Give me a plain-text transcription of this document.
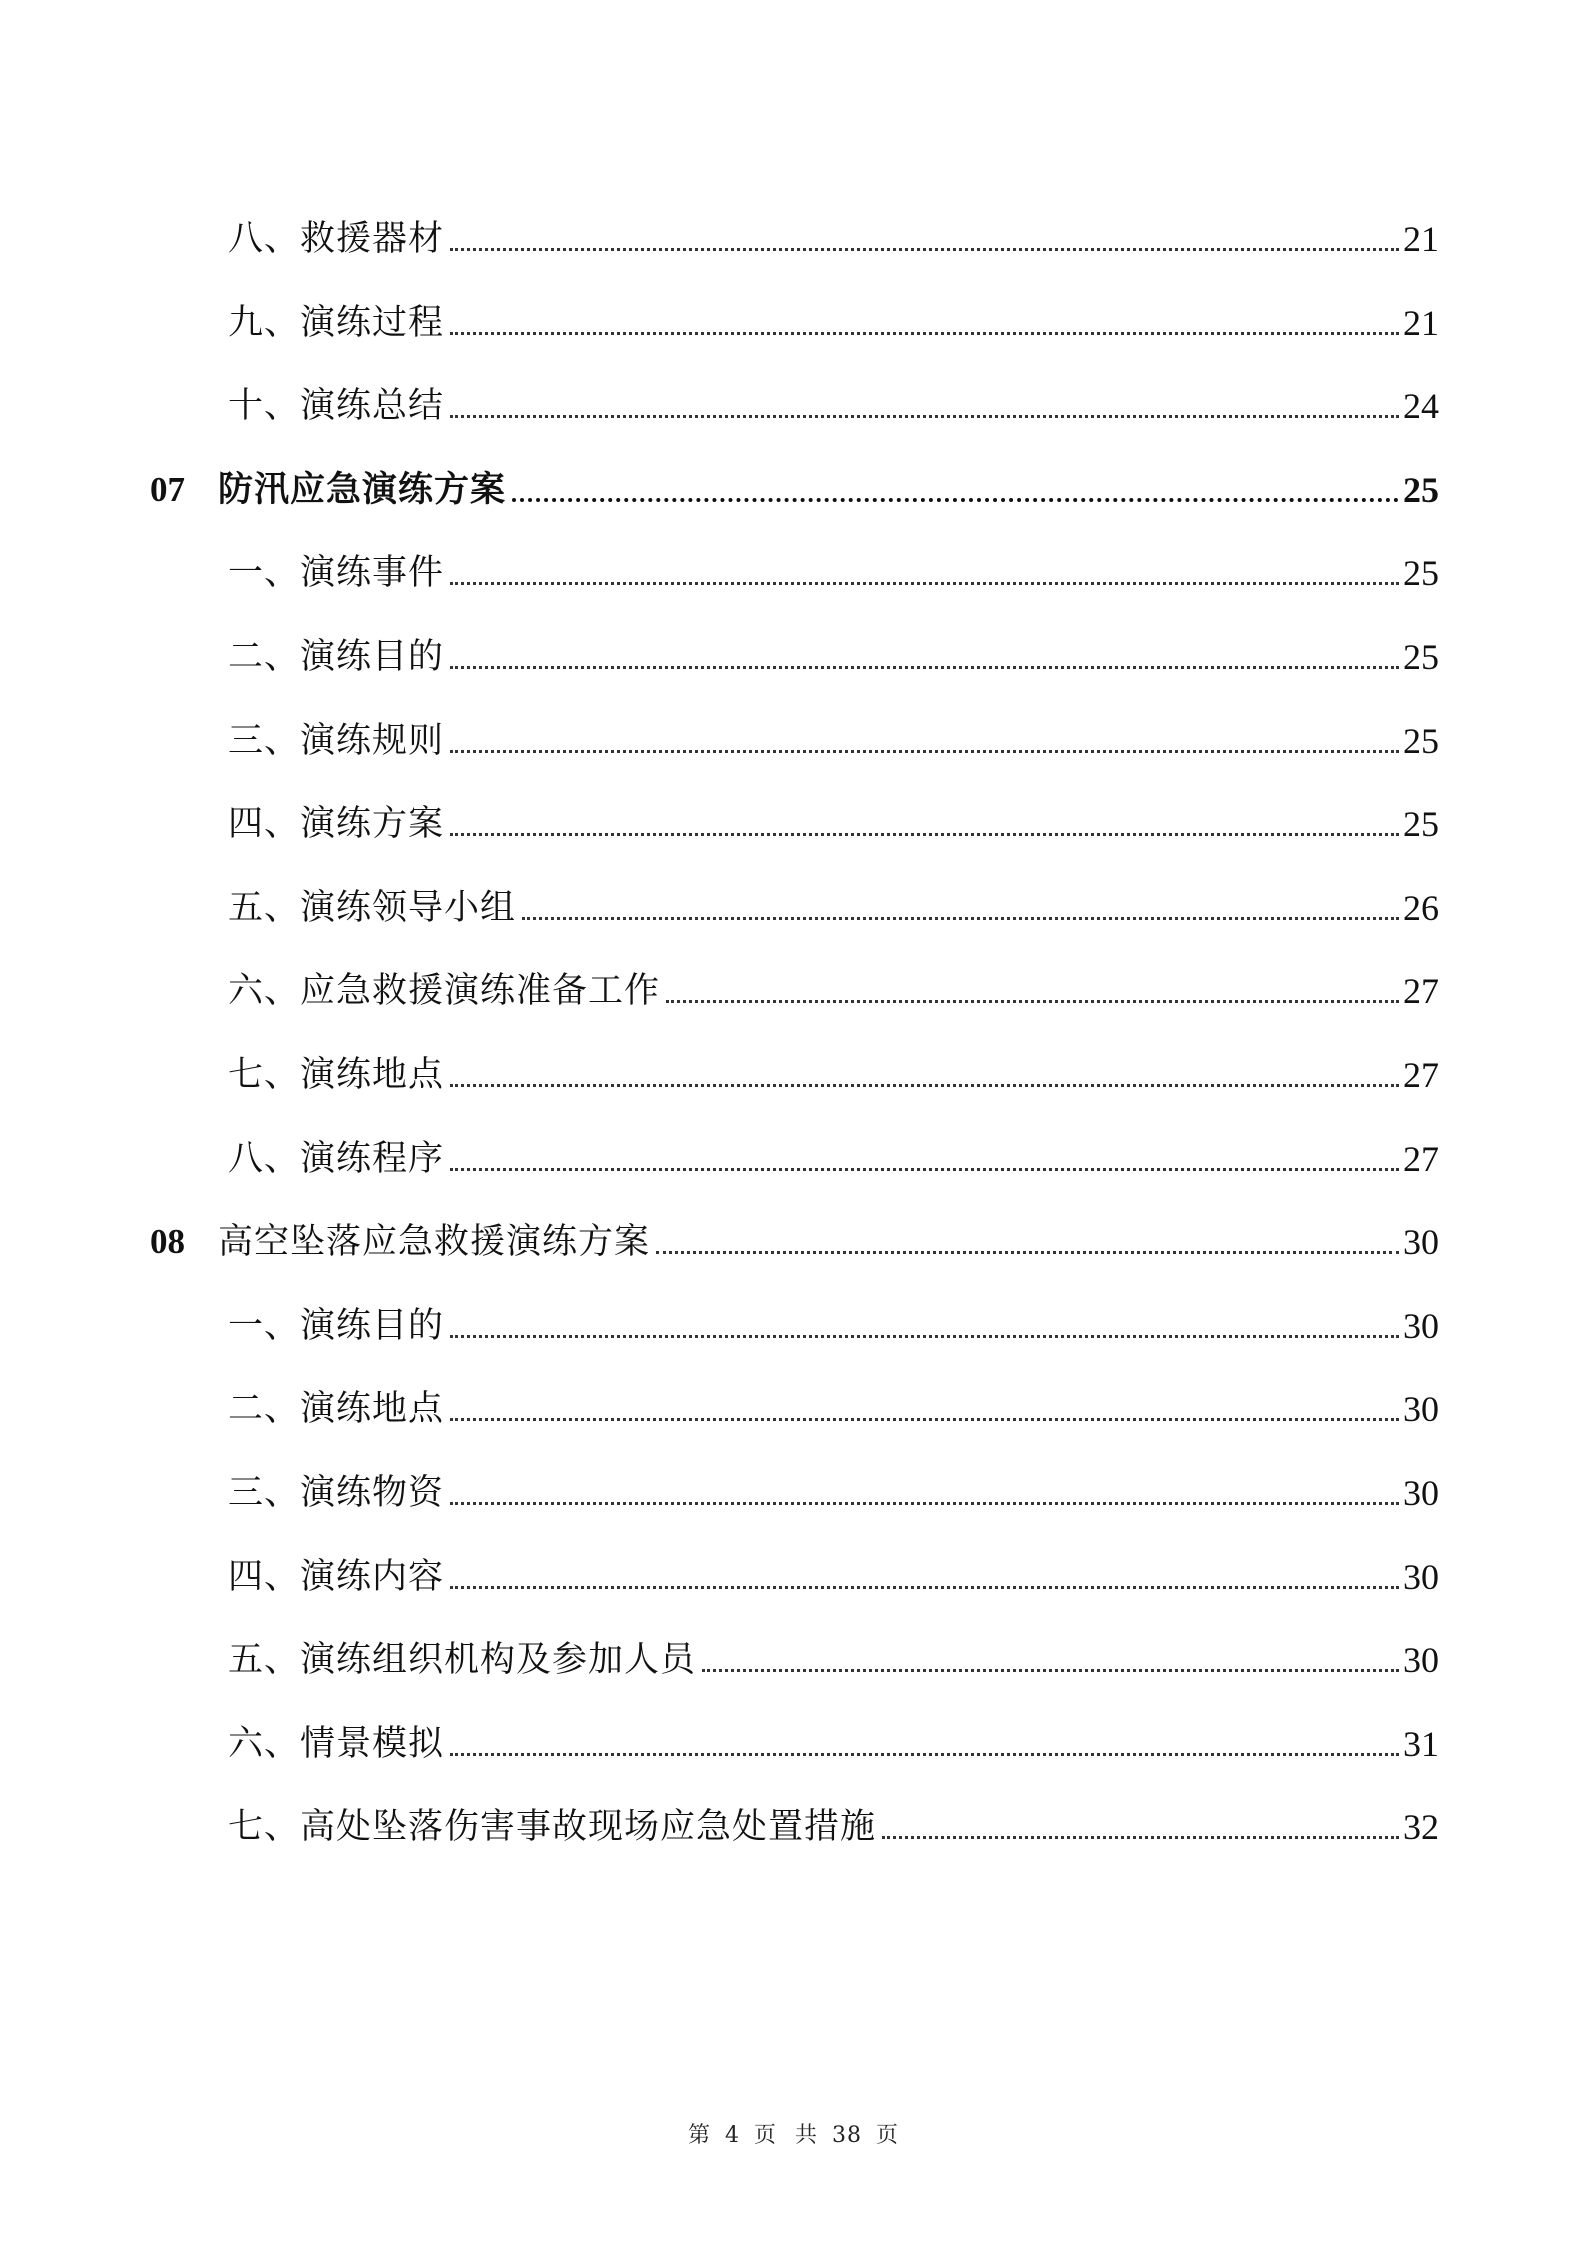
八、救援器材	21
九、演练过程	21
十、演练总结	24
07 防汛应急演练方案	25
一、演练事件	25
二、演练目的	25
三、演练规则	25
四、演练方案	25
五、演练领导小组	26
六、应急救援演练准备工作	27
七、演练地点	27
八、演练程序	27
08 高空坠落应急救援演练方案	30
一、演练目的	30
二、演练地点	30
三、演练物资	30
四、演练内容	30
五、演练组织机构及参加人员	30
六、情景模拟	31
七、高处坠落伤害事故现场应急处置措施	32
第 4 页 共 38 页
